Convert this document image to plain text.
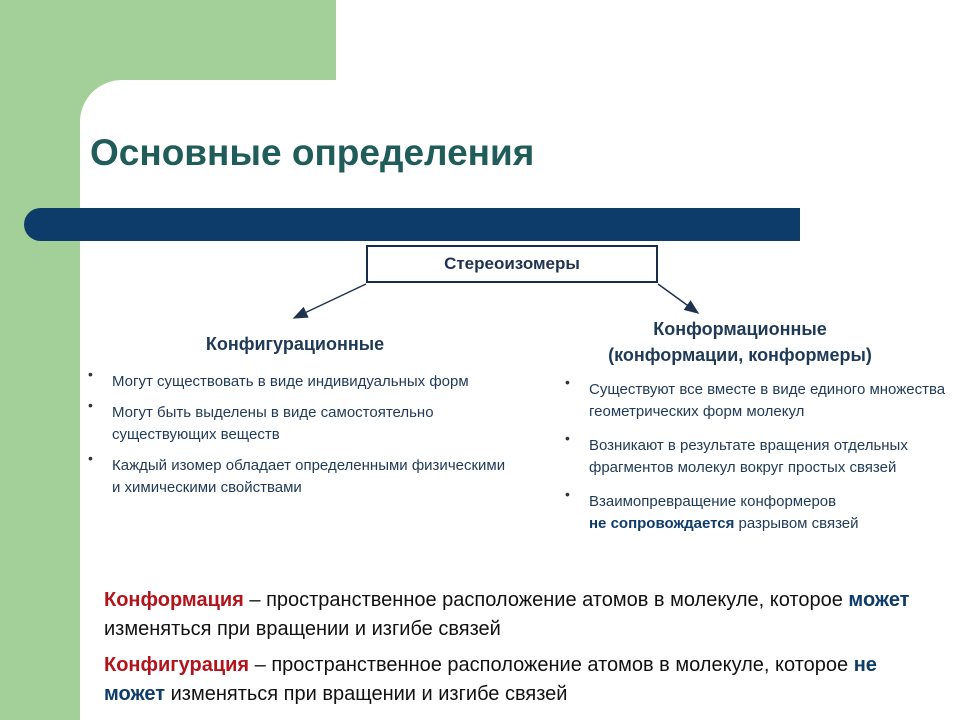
Основные определения
Стереоизомеры
Конфигурационные
Конформационные
(конформации, конформеры)
• Могут существовать в виде индивидуальных форм
• Могут быть выделены в виде самостоятельно существующих веществ
• Каждый изомер обладает определенными физическими и химическими свойствами
• Существуют все вместе в виде единого множества геометрических форм молекул
• Возникают в результате вращения отдельных фрагментов молекул вокруг простых связей
• Взаимопревращение конформеров
не сопровождается разрывом связей

Конформация – пространственное расположение атомов в молекуле, которое может изменяться при вращении и изгибе связей

Конфигурация – пространственное расположение атомов в молекуле, которое не может изменяться при вращении и изгибе связей
